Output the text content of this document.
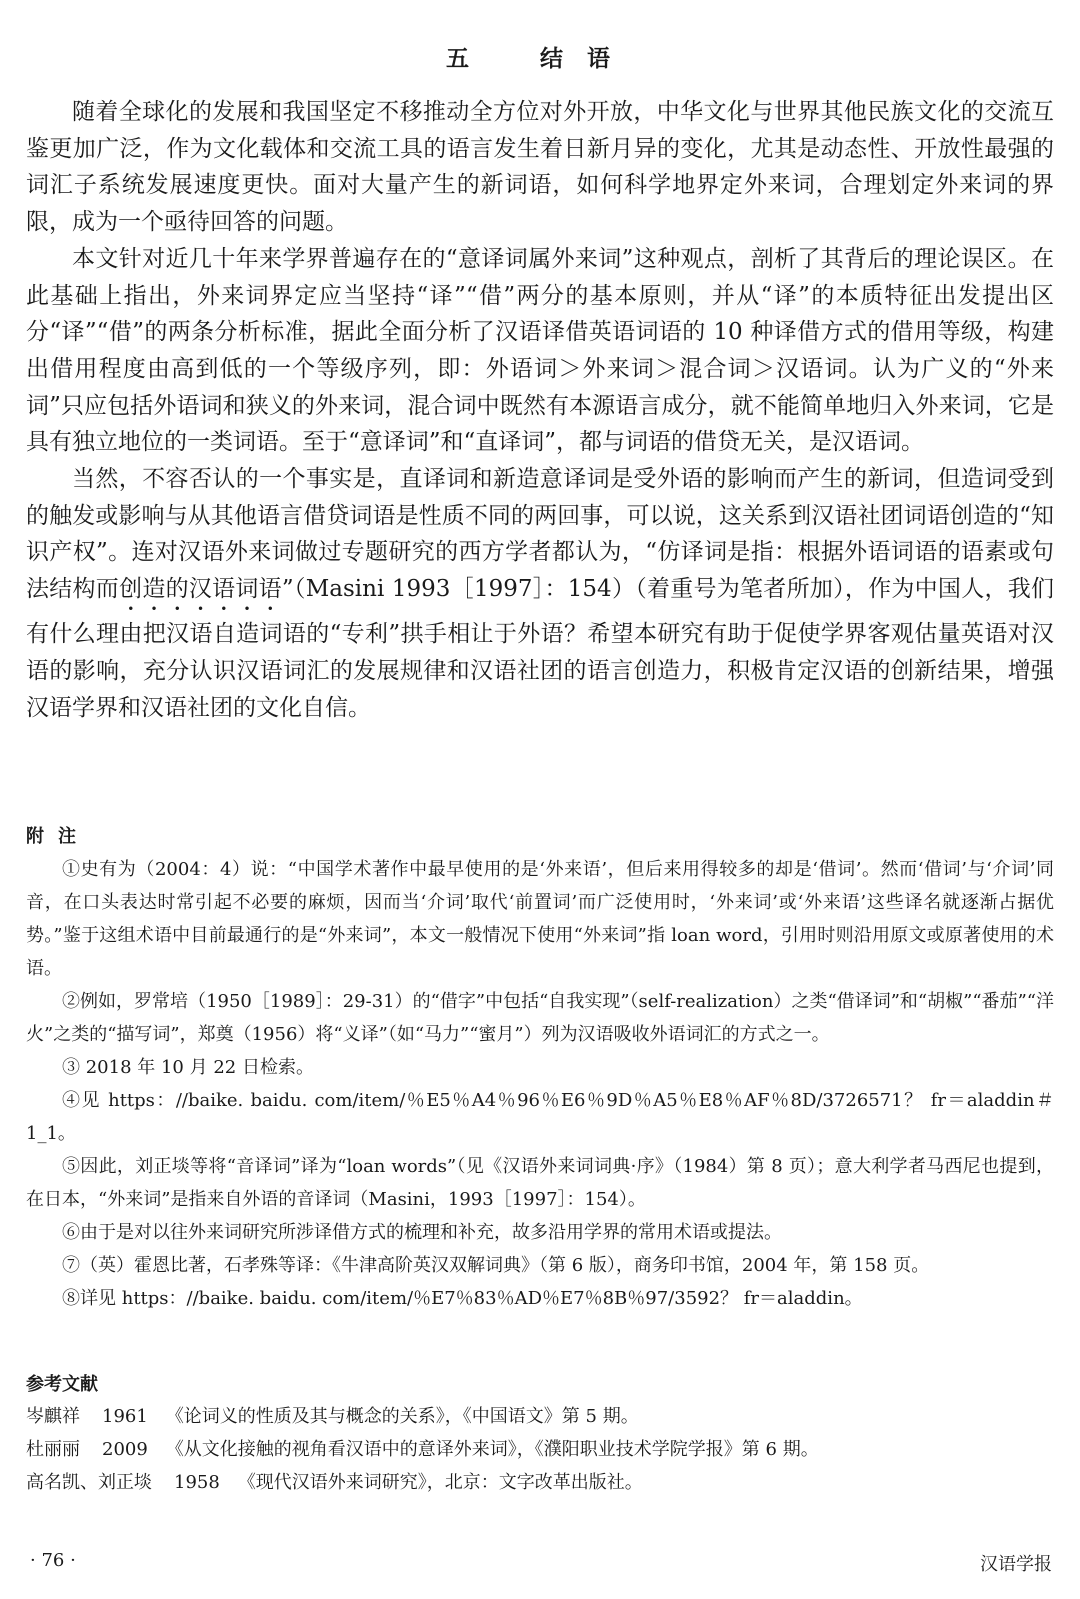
五　结语

随着全球化的发展和我国坚定不移推动全方位对外开放，中华文化与世界其他民族文化的交流互鉴更加广泛，作为文化载体和交流工具的语言发生着日新月异的变化，尤其是动态性、开放性最强的词汇子系统发展速度更快。面对大量产生的新词语，如何科学地界定外来词，合理划定外来词的界限，成为一个亟待回答的问题。

本文针对近几十年来学界普遍存在的“意译词属外来词”这种观点，剖析了其背后的理论误区。在此基础上指出，外来词界定应当坚持“译”“借”两分的基本原则，并从“译”的本质特征出发提出区分“译”“借”的两条分析标准，据此全面分析了汉语译借英语词语的 10 种译借方式的借用等级，构建出借用程度由高到低的一个等级序列，即：外语词＞外来词＞混合词＞汉语词。认为广义的“外来词”只应包括外语词和狭义的外来词，混合词中既然有本源语言成分，就不能简单地归入外来词，它是具有独立地位的一类词语。至于“意译词”和“直译词”，都与词语的借贷无关，是汉语词。

当然，不容否认的一个事实是，直译词和新造意译词是受外语的影响而产生的新词，但造词受到的触发或影响与从其他语言借贷词语是性质不同的两回事，可以说，这关系到汉语社团词语创造的“知识产权”。连对汉语外来词做过专题研究的西方学者都认为，“仿译词是指：根据外语词语的语素或句法结构而创造的汉语词语”（Masini 1993［1997］：154）（着重号为笔者所加），作为中国人，我们有什么理由把汉语自造词语的“专利”拱手相让于外语？希望本研究有助于促使学界客观估量英语对汉语的影响，充分认识汉语词汇的发展规律和汉语社团的语言创造力，积极肯定汉语的创新结果，增强汉语学界和汉语社团的文化自信。

附注

①史有为（2004：4）说：“中国学术著作中最早使用的是‘外来语’，但后来用得较多的却是‘借词’。然而‘借词’与‘介词’同音，在口头表达时常引起不必要的麻烦，因而当‘介词’取代‘前置词’而广泛使用时，‘外来词’或‘外来语’这些译名就逐渐占据优势。”鉴于这组术语中目前最通行的是“外来词”，本文一般情况下使用“外来词”指 loan word，引用时则沿用原文或原著使用的术语。

②例如，罗常培（1950［1989］：29-31）的“借字”中包括“自我实现”（self-realization）之类“借译词”和“胡椒”“番茄”“洋火”之类的“描写词”，郑奠（1956）将“义译”（如“马力”“蜜月”）列为汉语吸收外语词汇的方式之一。

③ 2018 年 10 月 22 日检索。

④见 https：//baike. baidu. com/item/％E5％A4％96％E6％9D％A5％E8％AF％8D/3726571？ fr＝aladdin＃1_1。

⑤因此，刘正埮等将“音译词”译为“loan words”（见《汉语外来词词典·序》（1984）第 8 页）；意大利学者马西尼也提到，在日本，“外来词”是指来自外语的音译词（Masini，1993［1997］：154）。

⑥由于是对以往外来词研究所涉译借方式的梳理和补充，故多沿用学界的常用术语或提法。

⑦（英）霍恩比著，石孝殊等译：《牛津高阶英汉双解词典》（第 6 版），商务印书馆，2004 年，第 158 页。

⑧详见 https：//baike. baidu. com/item/％E7％83％AD％E7％8B％97/3592？ fr＝aladdin。

参考文献

岑麒祥 1961 《论词义的性质及其与概念的关系》，《中国语文》第 5 期。

杜丽丽 2009 《从文化接触的视角看汉语中的意译外来词》，《濮阳职业技术学院学报》第 6 期。

高名凯、刘正埮 1958 《现代汉语外来词研究》，北京：文字改革出版社。

· 76 ·	汉语学报
